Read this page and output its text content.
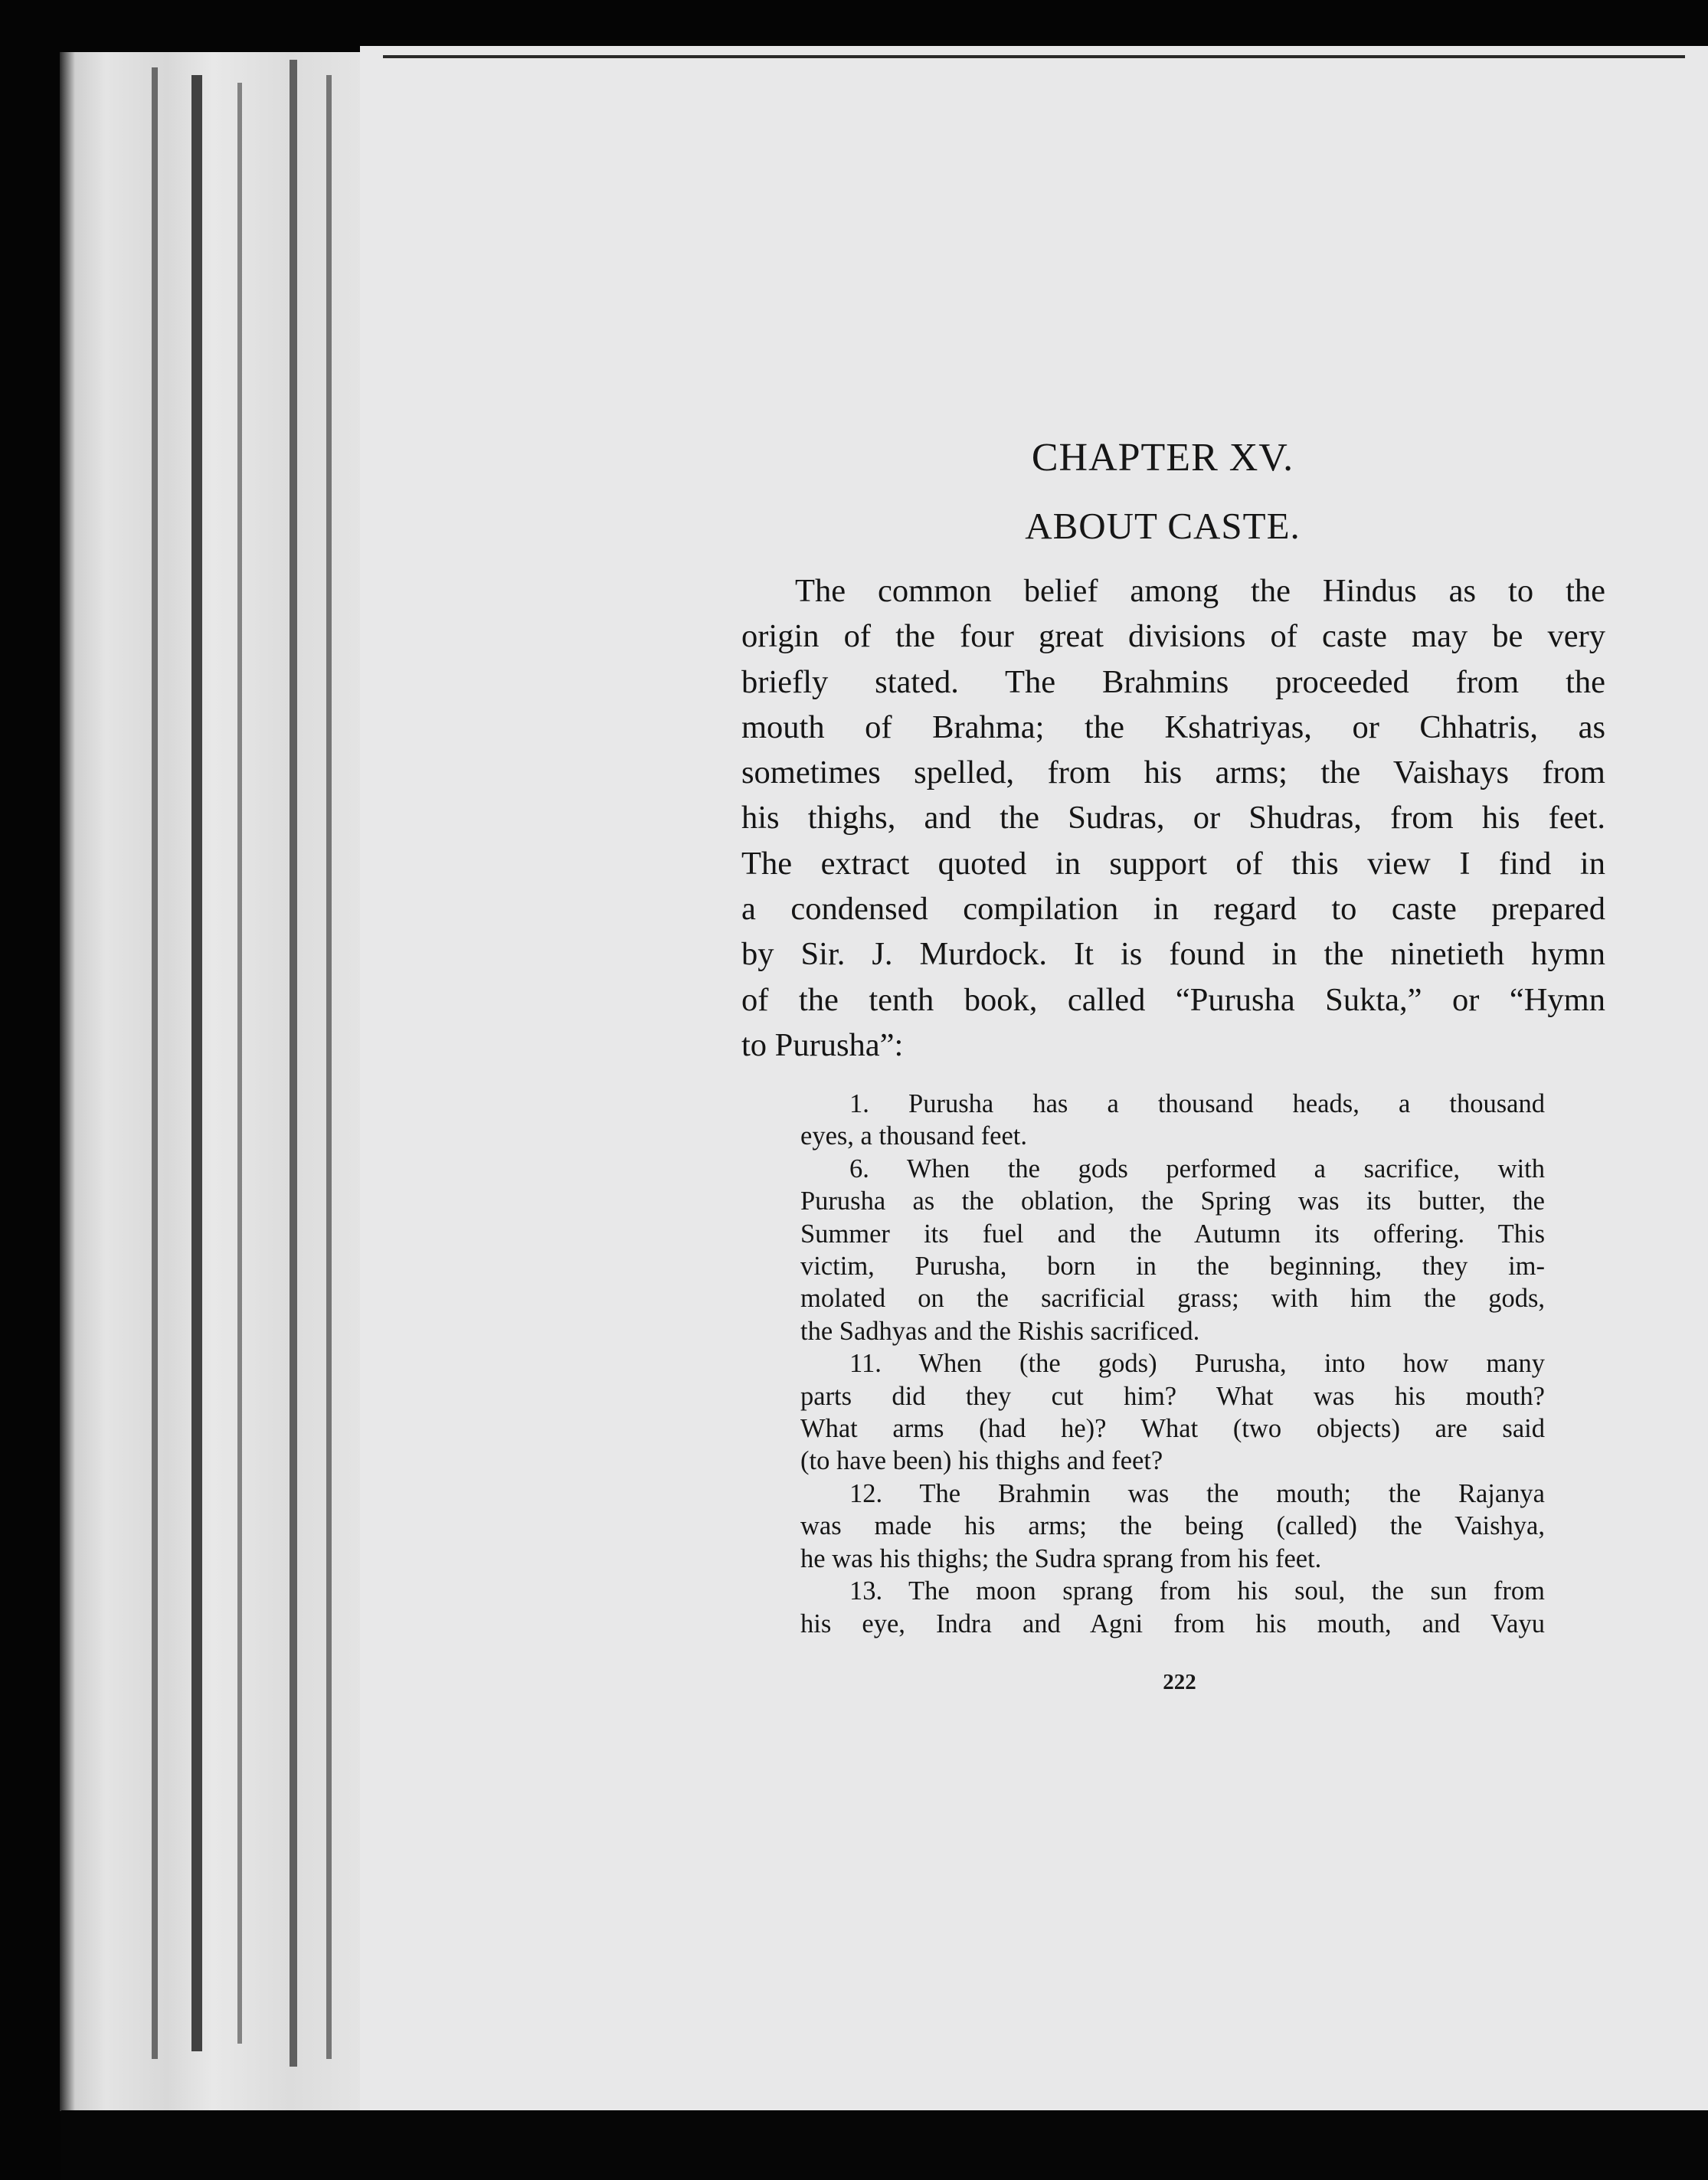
CHAPTER XV.
ABOUT CASTE.
The common belief among the Hindus as to the
origin of the four great divisions of caste may be very
briefly stated. The Brahmins proceeded from the
mouth of Brahma; the Kshatriyas, or Chhatris, as
sometimes spelled, from his arms; the Vaishays from
his thighs, and the Sudras, or Shudras, from his feet.
The extract quoted in support of this view I find in
a condensed compilation in regard to caste prepared
by Sir. J. Murdock. It is found in the ninetieth hymn
of the tenth book, called “Purusha Sukta,” or “Hymn
to Purusha”:
1. Purusha has a thousand heads, a thousand
eyes, a thousand feet.
6. When the gods performed a sacrifice, with
Purusha as the oblation, the Spring was its butter, the
Summer its fuel and the Autumn its offering. This
victim, Purusha, born in the beginning, they im-
molated on the sacrificial grass; with him the gods,
the Sadhyas and the Rishis sacrificed.
11. When (the gods) Purusha, into how many
parts did they cut him? What was his mouth?
What arms (had he)? What (two objects) are said
(to have been) his thighs and feet?
12. The Brahmin was the mouth; the Rajanya
was made his arms; the being (called) the Vaishya,
he was his thighs; the Sudra sprang from his feet.
13. The moon sprang from his soul, the sun from
his eye, Indra and Agni from his mouth, and Vayu
222
